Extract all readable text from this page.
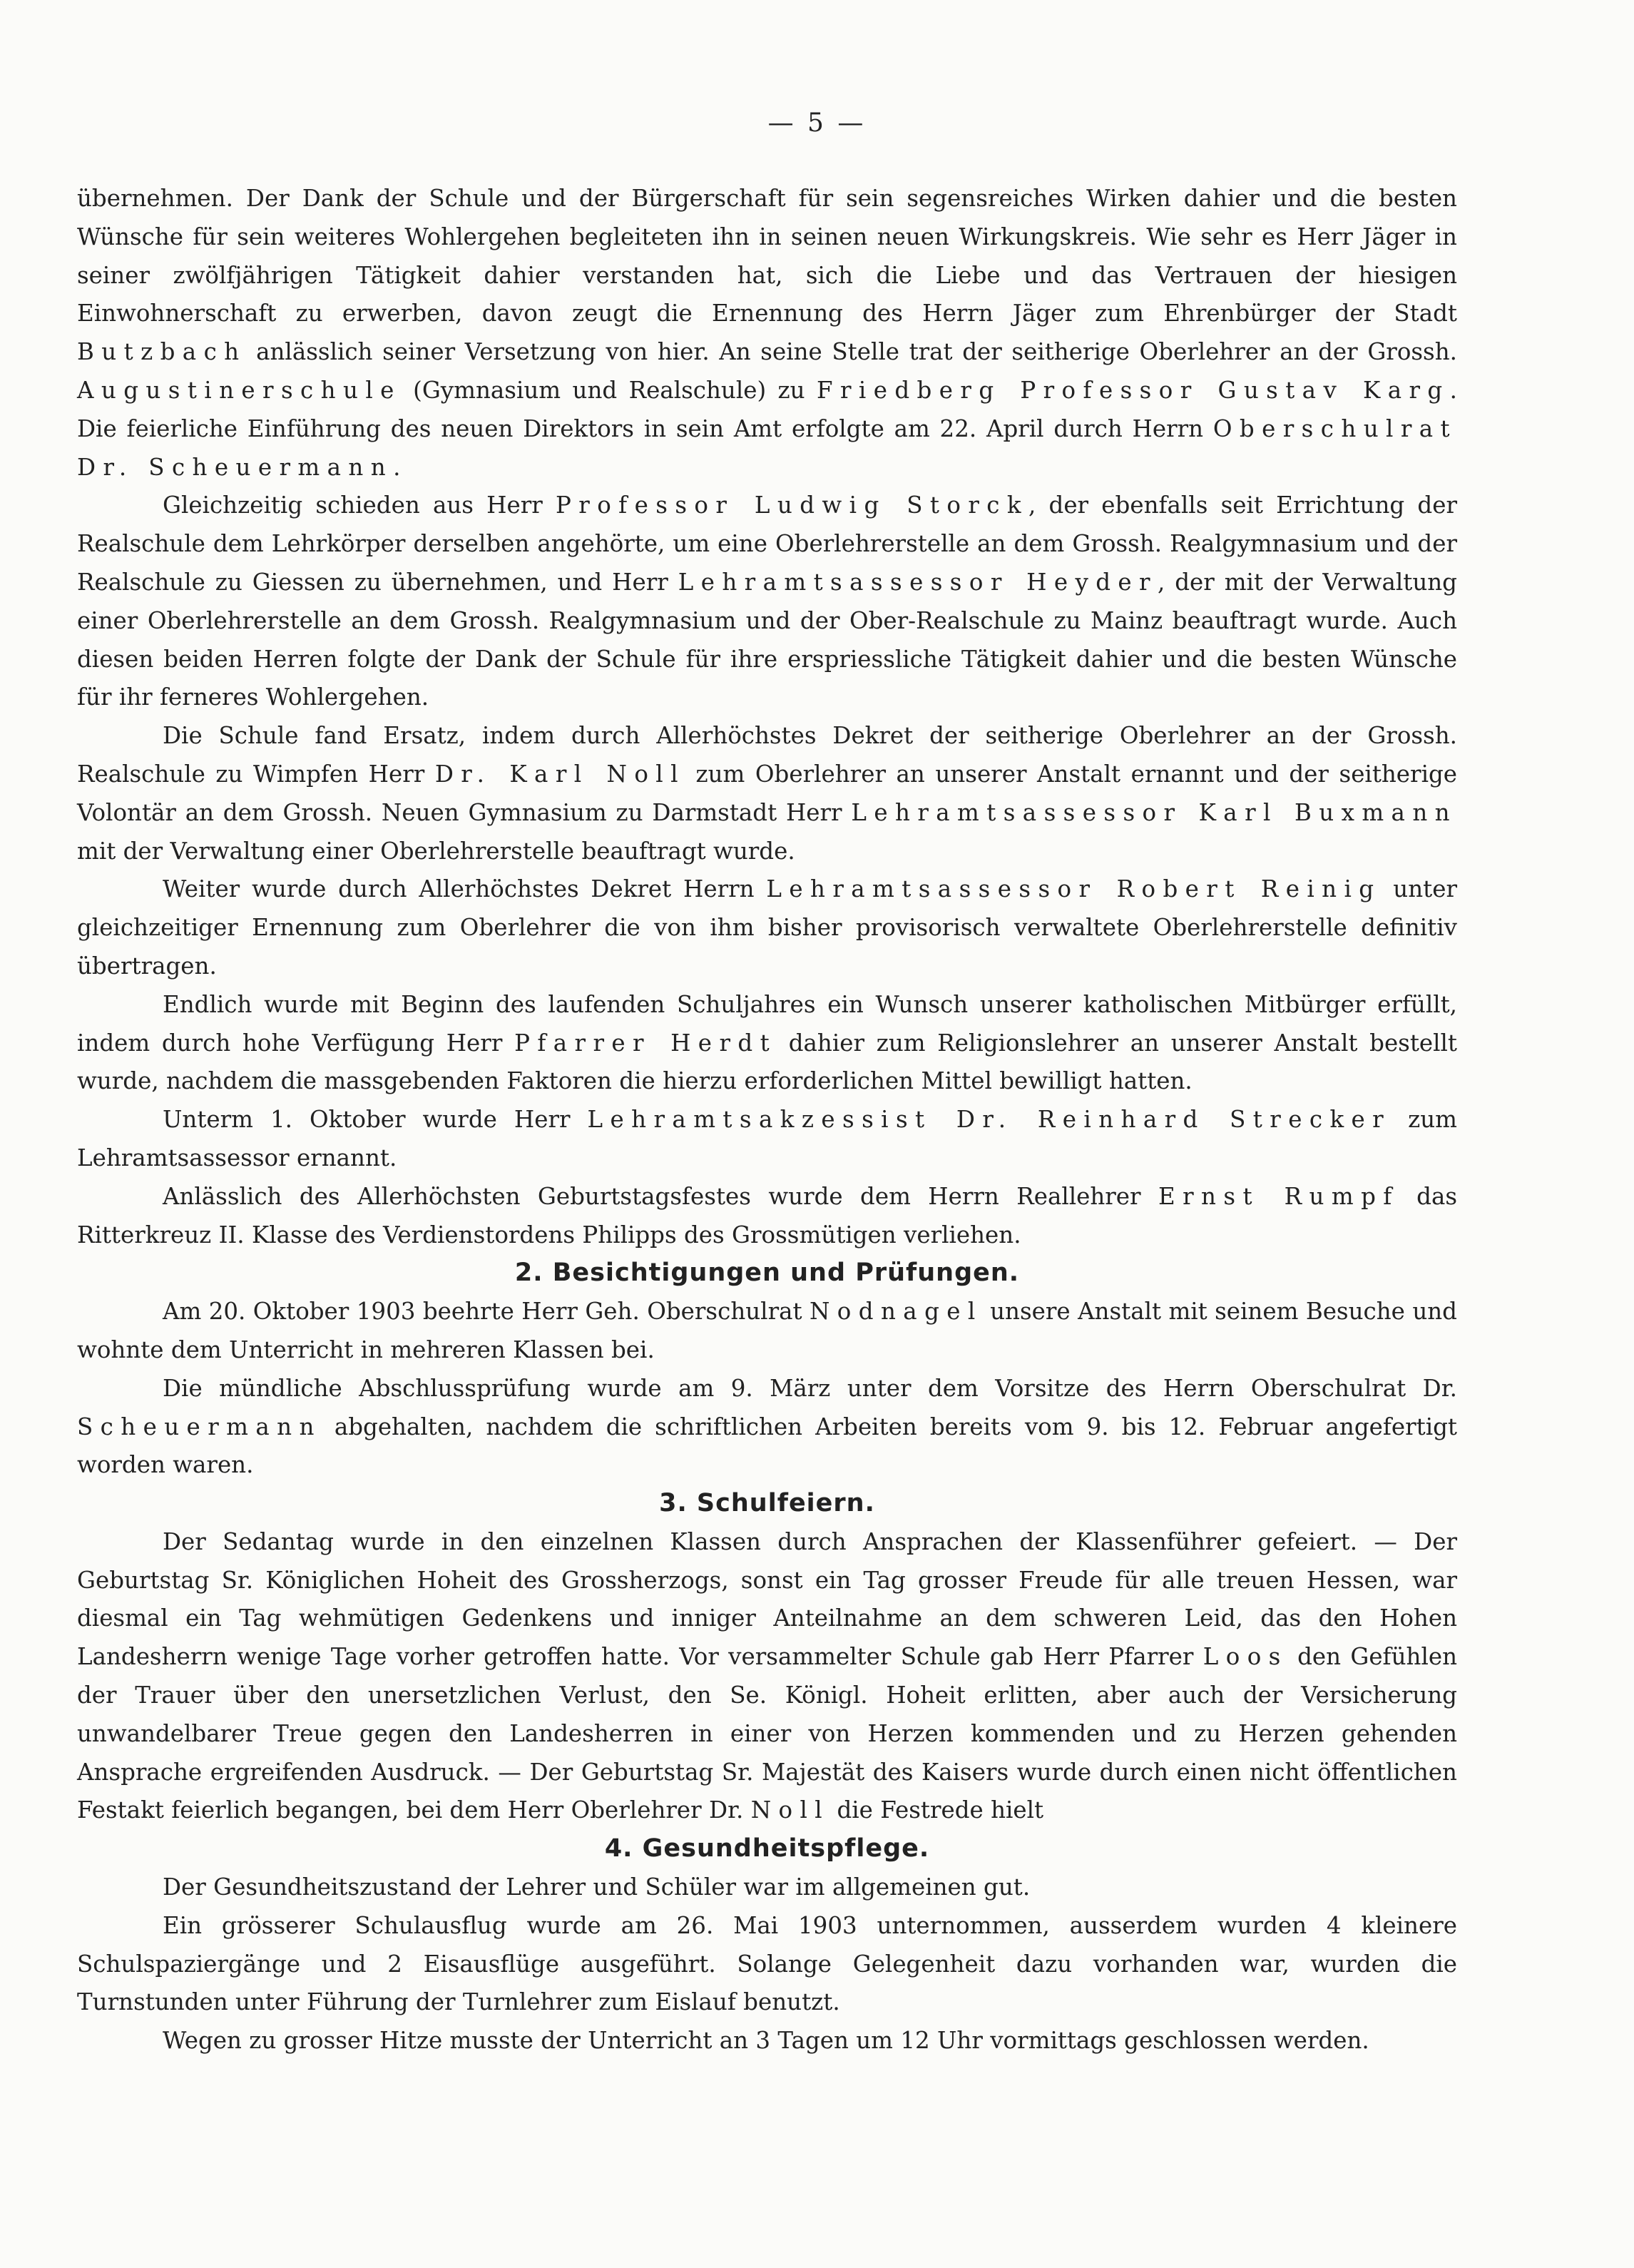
— 5 —

übernehmen. Der Dank der Schule und der Bürgerschaft für sein segensreiches Wirken dahier und die besten Wünsche für sein weiteres Wohlergehen begleiteten ihn in seinen neuen Wirkungskreis. Wie sehr es Herr Jäger in seiner zwölfjährigen Tätigkeit dahier verstanden hat, sich die Liebe und das Vertrauen der hiesigen Einwohnerschaft zu erwerben, davon zeugt die Ernennung des Herrn Jäger zum Ehrenbürger der Stadt Butzbach anlässlich seiner Versetzung von hier. An seine Stelle trat der seitherige Oberlehrer an der Grossh. Augustinerschule (Gymnasium und Realschule) zu Friedberg Professor Gustav Karg. Die feierliche Einführung des neuen Direktors in sein Amt erfolgte am 22. April durch Herrn Oberschulrat Dr. Scheuermann.

Gleichzeitig schieden aus Herr Professor Ludwig Storck, der ebenfalls seit Errichtung der Realschule dem Lehrkörper derselben angehörte, um eine Oberlehrerstelle an dem Grossh. Realgymnasium und der Realschule zu Giessen zu übernehmen, und Herr Lehramtsassessor Heyder, der mit der Verwaltung einer Oberlehrerstelle an dem Grossh. Realgymnasium und der Ober-Realschule zu Mainz beauftragt wurde. Auch diesen beiden Herren folgte der Dank der Schule für ihre erspriessliche Tätigkeit dahier und die besten Wünsche für ihr ferneres Wohlergehen.

Die Schule fand Ersatz, indem durch Allerhöchstes Dekret der seitherige Oberlehrer an der Grossh. Realschule zu Wimpfen Herr Dr. Karl Noll zum Oberlehrer an unserer Anstalt ernannt und der seitherige Volontär an dem Grossh. Neuen Gymnasium zu Darmstadt Herr Lehramtsassessor Karl Buxmann mit der Verwaltung einer Oberlehrerstelle beauftragt wurde.

Weiter wurde durch Allerhöchstes Dekret Herrn Lehramtsassessor Robert Reinig unter gleichzeitiger Ernennung zum Oberlehrer die von ihm bisher provisorisch verwaltete Oberlehrerstelle definitiv übertragen.

Endlich wurde mit Beginn des laufenden Schuljahres ein Wunsch unserer katholischen Mitbürger erfüllt, indem durch hohe Verfügung Herr Pfarrer Herdt dahier zum Religionslehrer an unserer Anstalt bestellt wurde, nachdem die massgebenden Faktoren die hierzu erforderlichen Mittel bewilligt hatten.

Unterm 1. Oktober wurde Herr Lehramtsakzessist Dr. Reinhard Strecker zum Lehramtsassessor ernannt.

Anlässlich des Allerhöchsten Geburtstagsfestes wurde dem Herrn Reallehrer Ernst Rumpf das Ritterkreuz II. Klasse des Verdienstordens Philipps des Grossmütigen verliehen.

2. Besichtigungen und Prüfungen.

Am 20. Oktober 1903 beehrte Herr Geh. Oberschulrat Nodnagel unsere Anstalt mit seinem Besuche und wohnte dem Unterricht in mehreren Klassen bei.

Die mündliche Abschlussprüfung wurde am 9. März unter dem Vorsitze des Herrn Oberschulrat Dr. Scheuermann abgehalten, nachdem die schriftlichen Arbeiten bereits vom 9. bis 12. Februar angefertigt worden waren.

3. Schulfeiern.

Der Sedantag wurde in den einzelnen Klassen durch Ansprachen der Klassenführer gefeiert. — Der Geburtstag Sr. Königlichen Hoheit des Grossherzogs, sonst ein Tag grosser Freude für alle treuen Hessen, war diesmal ein Tag wehmütigen Gedenkens und inniger Anteilnahme an dem schweren Leid, das den Hohen Landesherrn wenige Tage vorher getroffen hatte. Vor versammelter Schule gab Herr Pfarrer Loos den Gefühlen der Trauer über den unersetzlichen Verlust, den Se. Königl. Hoheit erlitten, aber auch der Versicherung unwandelbarer Treue gegen den Landesherren in einer von Herzen kommenden und zu Herzen gehenden Ansprache ergreifenden Ausdruck. — Der Geburtstag Sr. Majestät des Kaisers wurde durch einen nicht öffentlichen Festakt feierlich begangen, bei dem Herr Oberlehrer Dr. Noll die Festrede hielt

4. Gesundheitspflege.

Der Gesundheitszustand der Lehrer und Schüler war im allgemeinen gut.

Ein grösserer Schulausflug wurde am 26. Mai 1903 unternommen, ausserdem wurden 4 kleinere Schulspaziergänge und 2 Eisausflüge ausgeführt. Solange Gelegenheit dazu vorhanden war, wurden die Turnstunden unter Führung der Turnlehrer zum Eislauf benutzt.

Wegen zu grosser Hitze musste der Unterricht an 3 Tagen um 12 Uhr vormittags geschlossen werden.
